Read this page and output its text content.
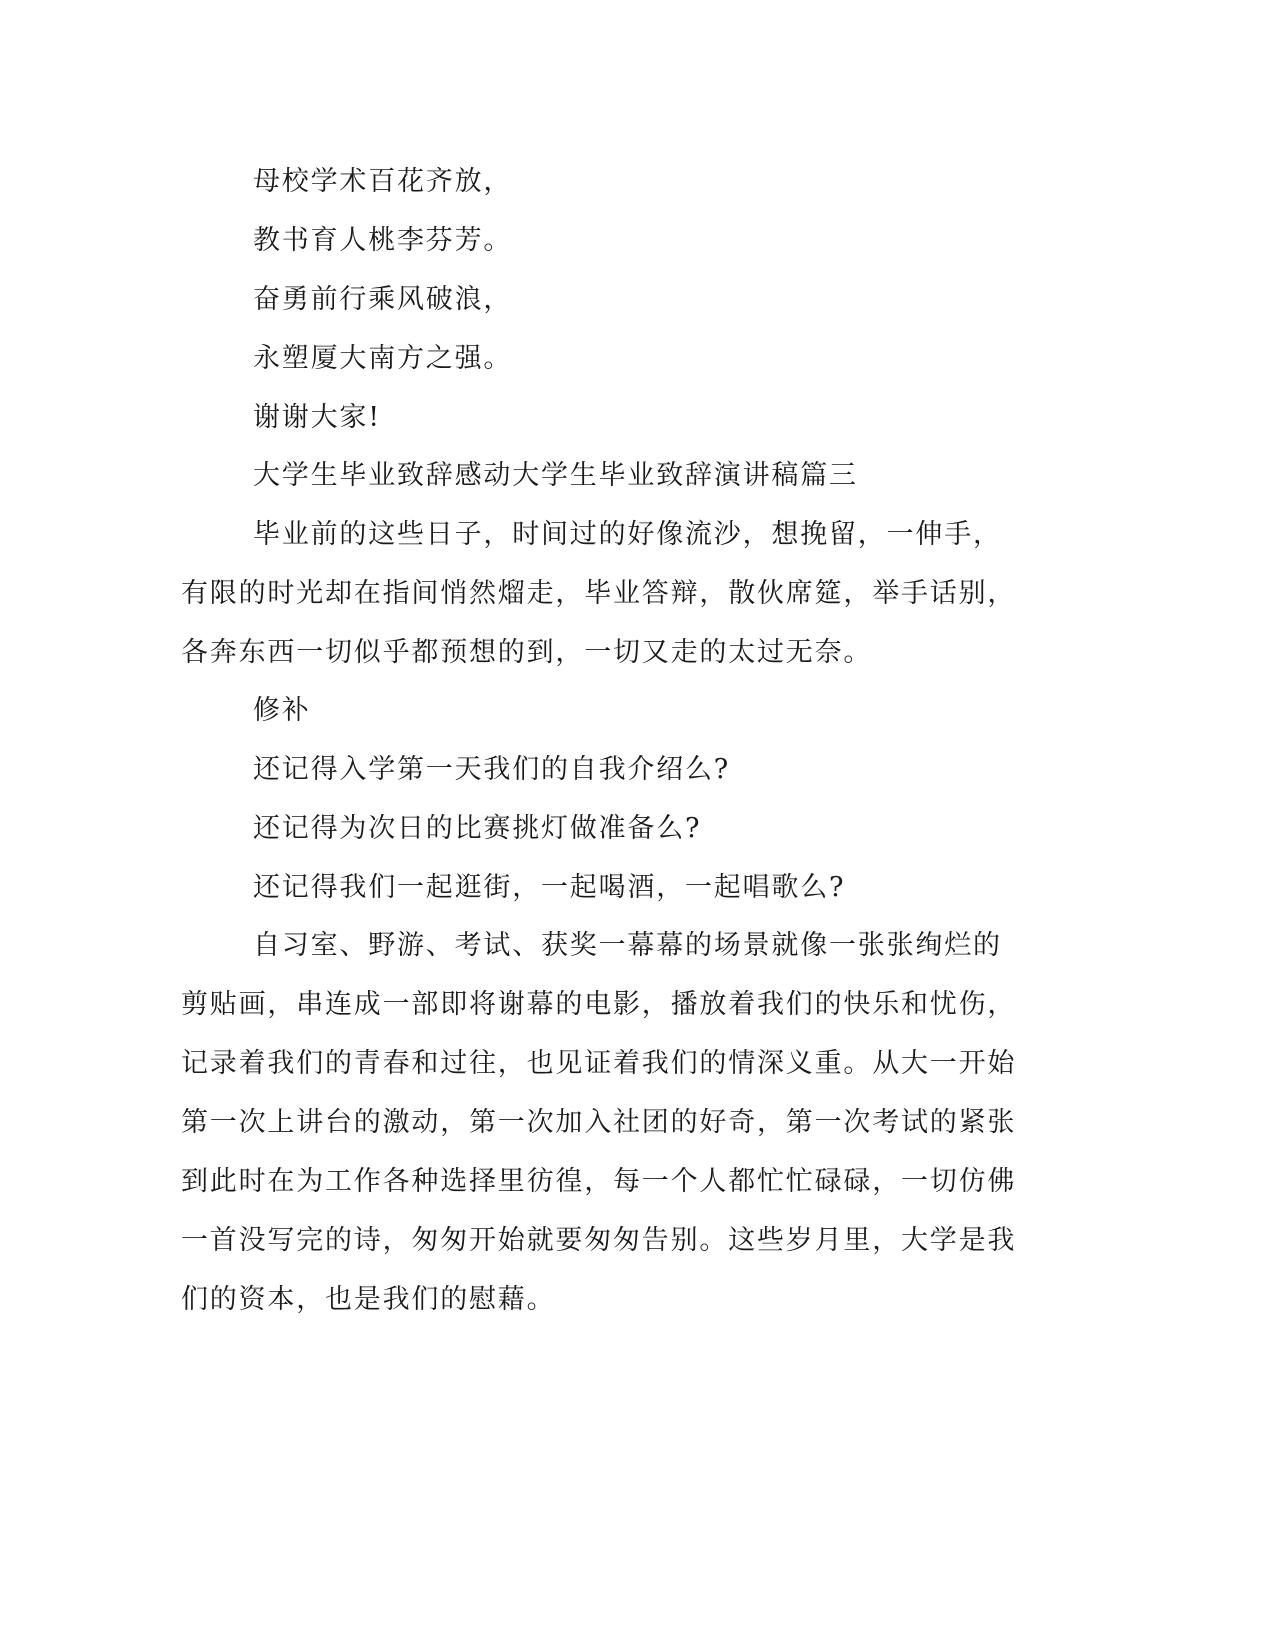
母校学术百花齐放，

教书育人桃李芬芳。

奋勇前行乘风破浪，

永塑厦大南方之强。

谢谢大家!

大学生毕业致辞感动大学生毕业致辞演讲稿篇三

毕业前的这些日子，时间过的好像流沙，想挽留，一伸手，有限的时光却在指间悄然熘走，毕业答辩，散伙席筵，举手话别，各奔东西一切似乎都预想的到，一切又走的太过无奈。

修补

还记得入学第一天我们的自我介绍么?

还记得为次日的比赛挑灯做准备么?

还记得我们一起逛街，一起喝酒，一起唱歌么?

自习室、野游、考试、获奖一幕幕的场景就像一张张绚烂的剪贴画，串连成一部即将谢幕的电影，播放着我们的快乐和忧伤，记录着我们的青春和过往，也见证着我们的情深义重。从大一开始第一次上讲台的激动，第一次加入社团的好奇，第一次考试的紧张到此时在为工作各种选择里彷徨，每一个人都忙忙碌碌，一切仿佛一首没写完的诗，匆匆开始就要匆匆告别。这些岁月里，大学是我们的资本，也是我们的慰藉。
